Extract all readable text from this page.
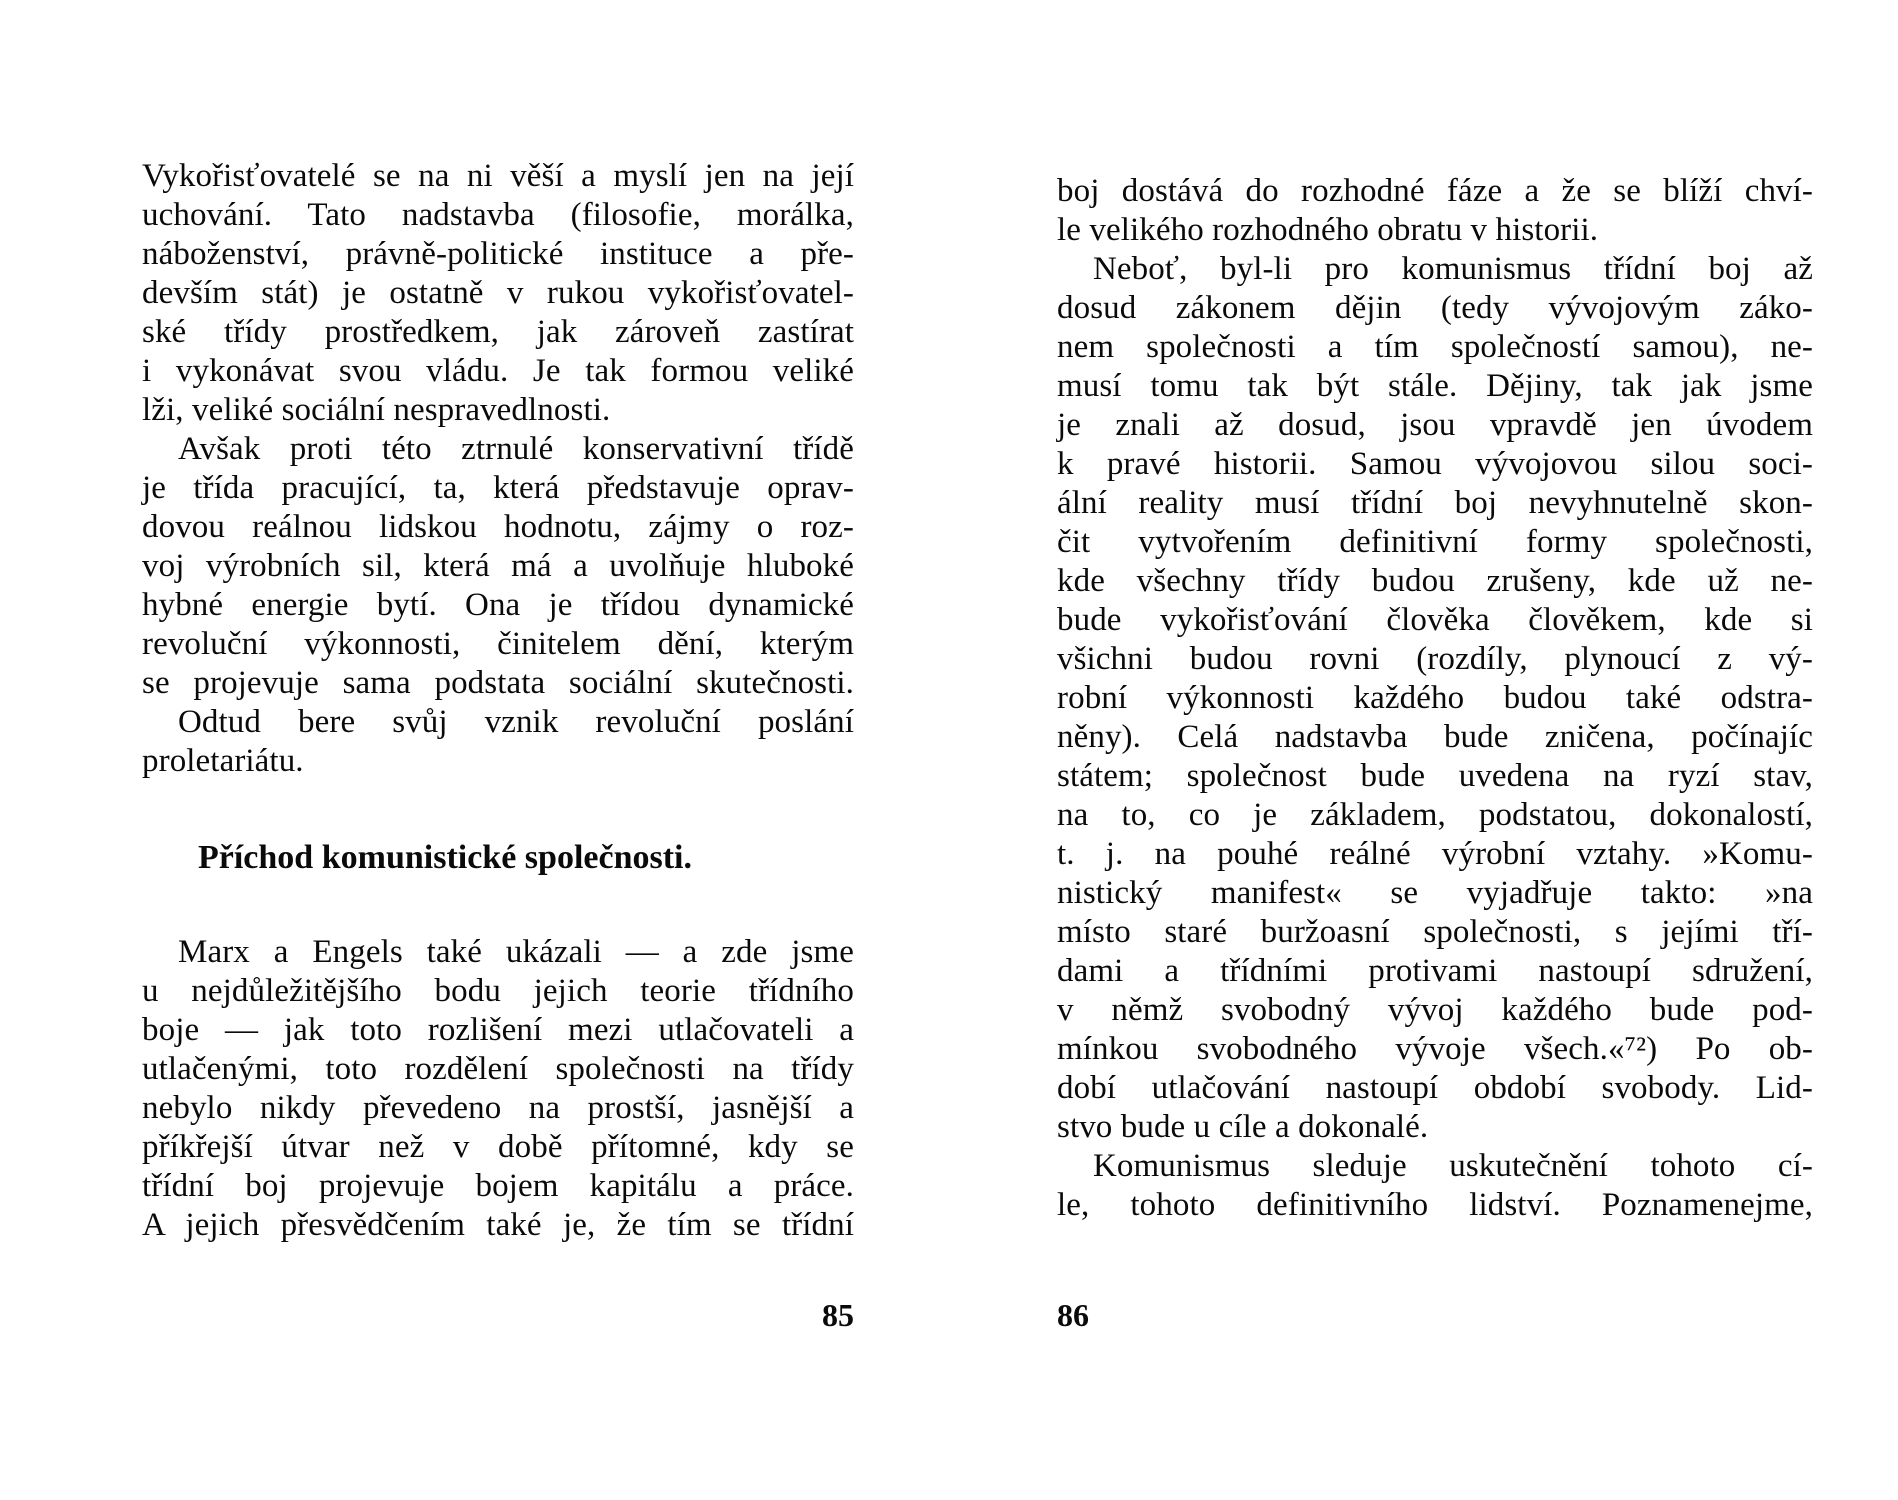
Vykořisťovatelé se na ni věší a myslí jen na její
uchování. Tato nadstavba (filosofie, morálka,
náboženství, právně-politické instituce a pře-
devším stát) je ostatně v rukou vykořisťovatel-
ské třídy prostředkem, jak zároveň zastírat
i vykonávat svou vládu. Je tak formou veliké
lži, veliké sociální nespravedlnosti.
Avšak proti této ztrnulé konservativní třídě
je třída pracující, ta, která představuje oprav-
dovou reálnou lidskou hodnotu, zájmy o roz-
voj výrobních sil, která má a uvolňuje hluboké
hybné energie bytí. Ona je třídou dynamické
revoluční výkonnosti, činitelem dění, kterým
se projevuje sama podstata sociální skutečnosti.
Odtud bere svůj vznik revoluční poslání
proletariátu.
Příchod komunistické společnosti.
Marx a Engels také ukázali — a zde jsme
u nejdůležitějšího bodu jejich teorie třídního
boje — jak toto rozlišení mezi utlačovateli a
utlačenými, toto rozdělení společnosti na třídy
nebylo nikdy převedeno na prostší, jasnější a
příkřejší útvar než v době přítomné, kdy se
třídní boj projevuje bojem kapitálu a práce.
A jejich přesvědčením také je, že tím se třídní
85
boj dostává do rozhodné fáze a že se blíží chví-
le velikého rozhodného obratu v historii.
Neboť, byl-li pro komunismus třídní boj až
dosud zákonem dějin (tedy vývojovým záko-
nem společnosti a tím společností samou), ne-
musí tomu tak být stále. Dějiny, tak jak jsme
je znali až dosud, jsou vpravdě jen úvodem
k pravé historii. Samou vývojovou silou soci-
ální reality musí třídní boj nevyhnutelně skon-
čit vytvořením definitivní formy společnosti,
kde všechny třídy budou zrušeny, kde už ne-
bude vykořisťování člověka člověkem, kde si
všichni budou rovni (rozdíly, plynoucí z vý-
robní výkonnosti každého budou také odstra-
něny). Celá nadstavba bude zničena, počínajíc
státem; společnost bude uvedena na ryzí stav,
na to, co je základem, podstatou, dokonalostí,
t. j. na pouhé reálné výrobní vztahy. »Komu-
nistický manifest« se vyjadřuje takto: »na
místo staré buržoasní společnosti, s jejími tří-
dami a třídními protivami nastoupí sdružení,
v němž svobodný vývoj každého bude pod-
mínkou svobodného vývoje všech.«⁷²) Po ob-
dobí utlačování nastoupí období svobody. Lid-
stvo bude u cíle a dokonalé.
Komunismus sleduje uskutečnění tohoto cí-
le, tohoto definitivního lidství. Poznamenejme,
86
